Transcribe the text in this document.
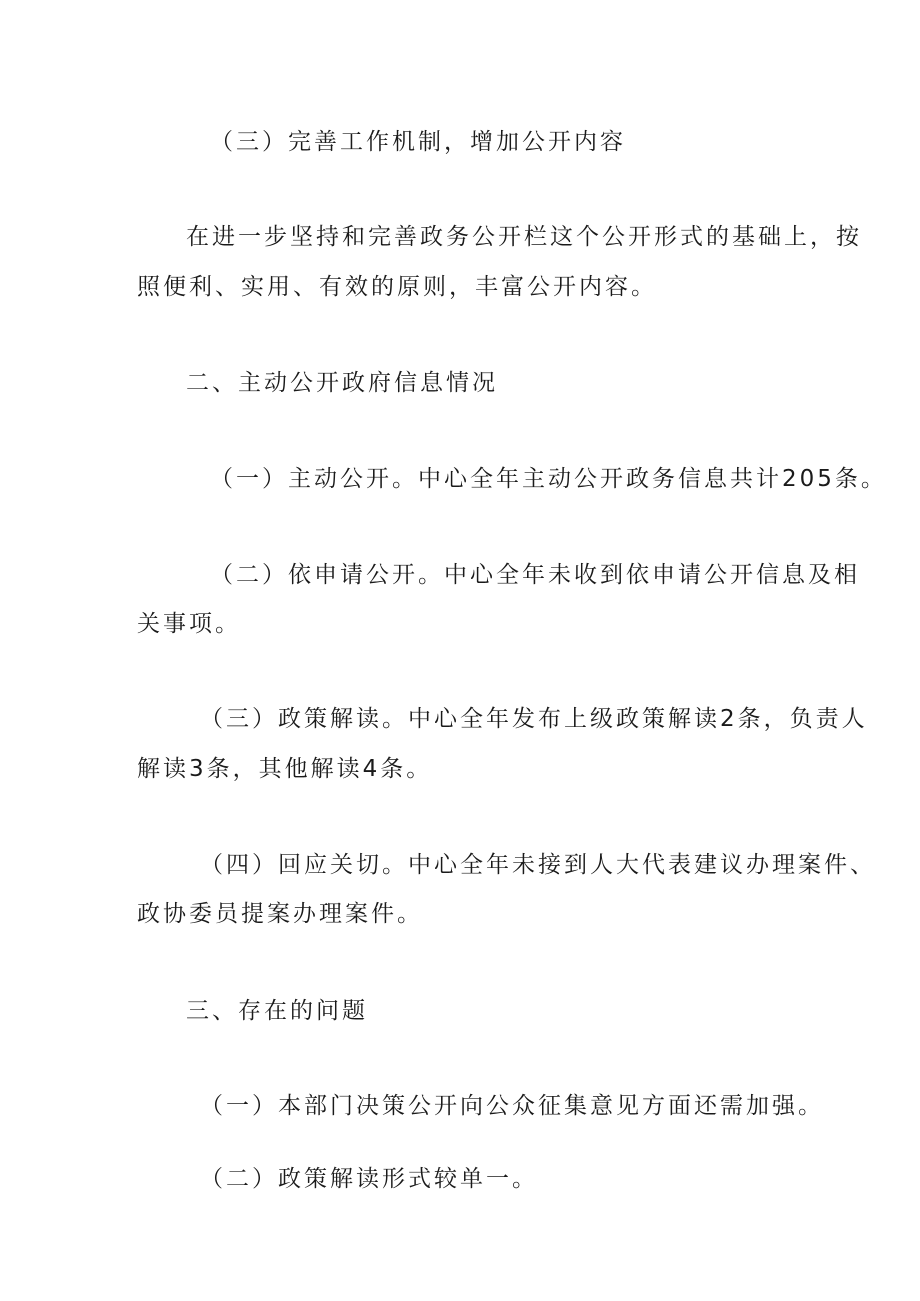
（三）完善工作机制，增加公开内容
在进一步坚持和完善政务公开栏这个公开形式的基础上，按
照便利、实用、有效的原则，丰富公开内容。
二、主动公开政府信息情况
（一）主动公开。中心全年主动公开政务信息共计205条。
（二）依申请公开。中心全年未收到依申请公开信息及相
关事项。
（三）政策解读。中心全年发布上级政策解读2条，负责人
解读3条，其他解读4条。
（四）回应关切。中心全年未接到人大代表建议办理案件、
政协委员提案办理案件。
三、存在的问题
（一）本部门决策公开向公众征集意见方面还需加强。
（二）政策解读形式较单一。
